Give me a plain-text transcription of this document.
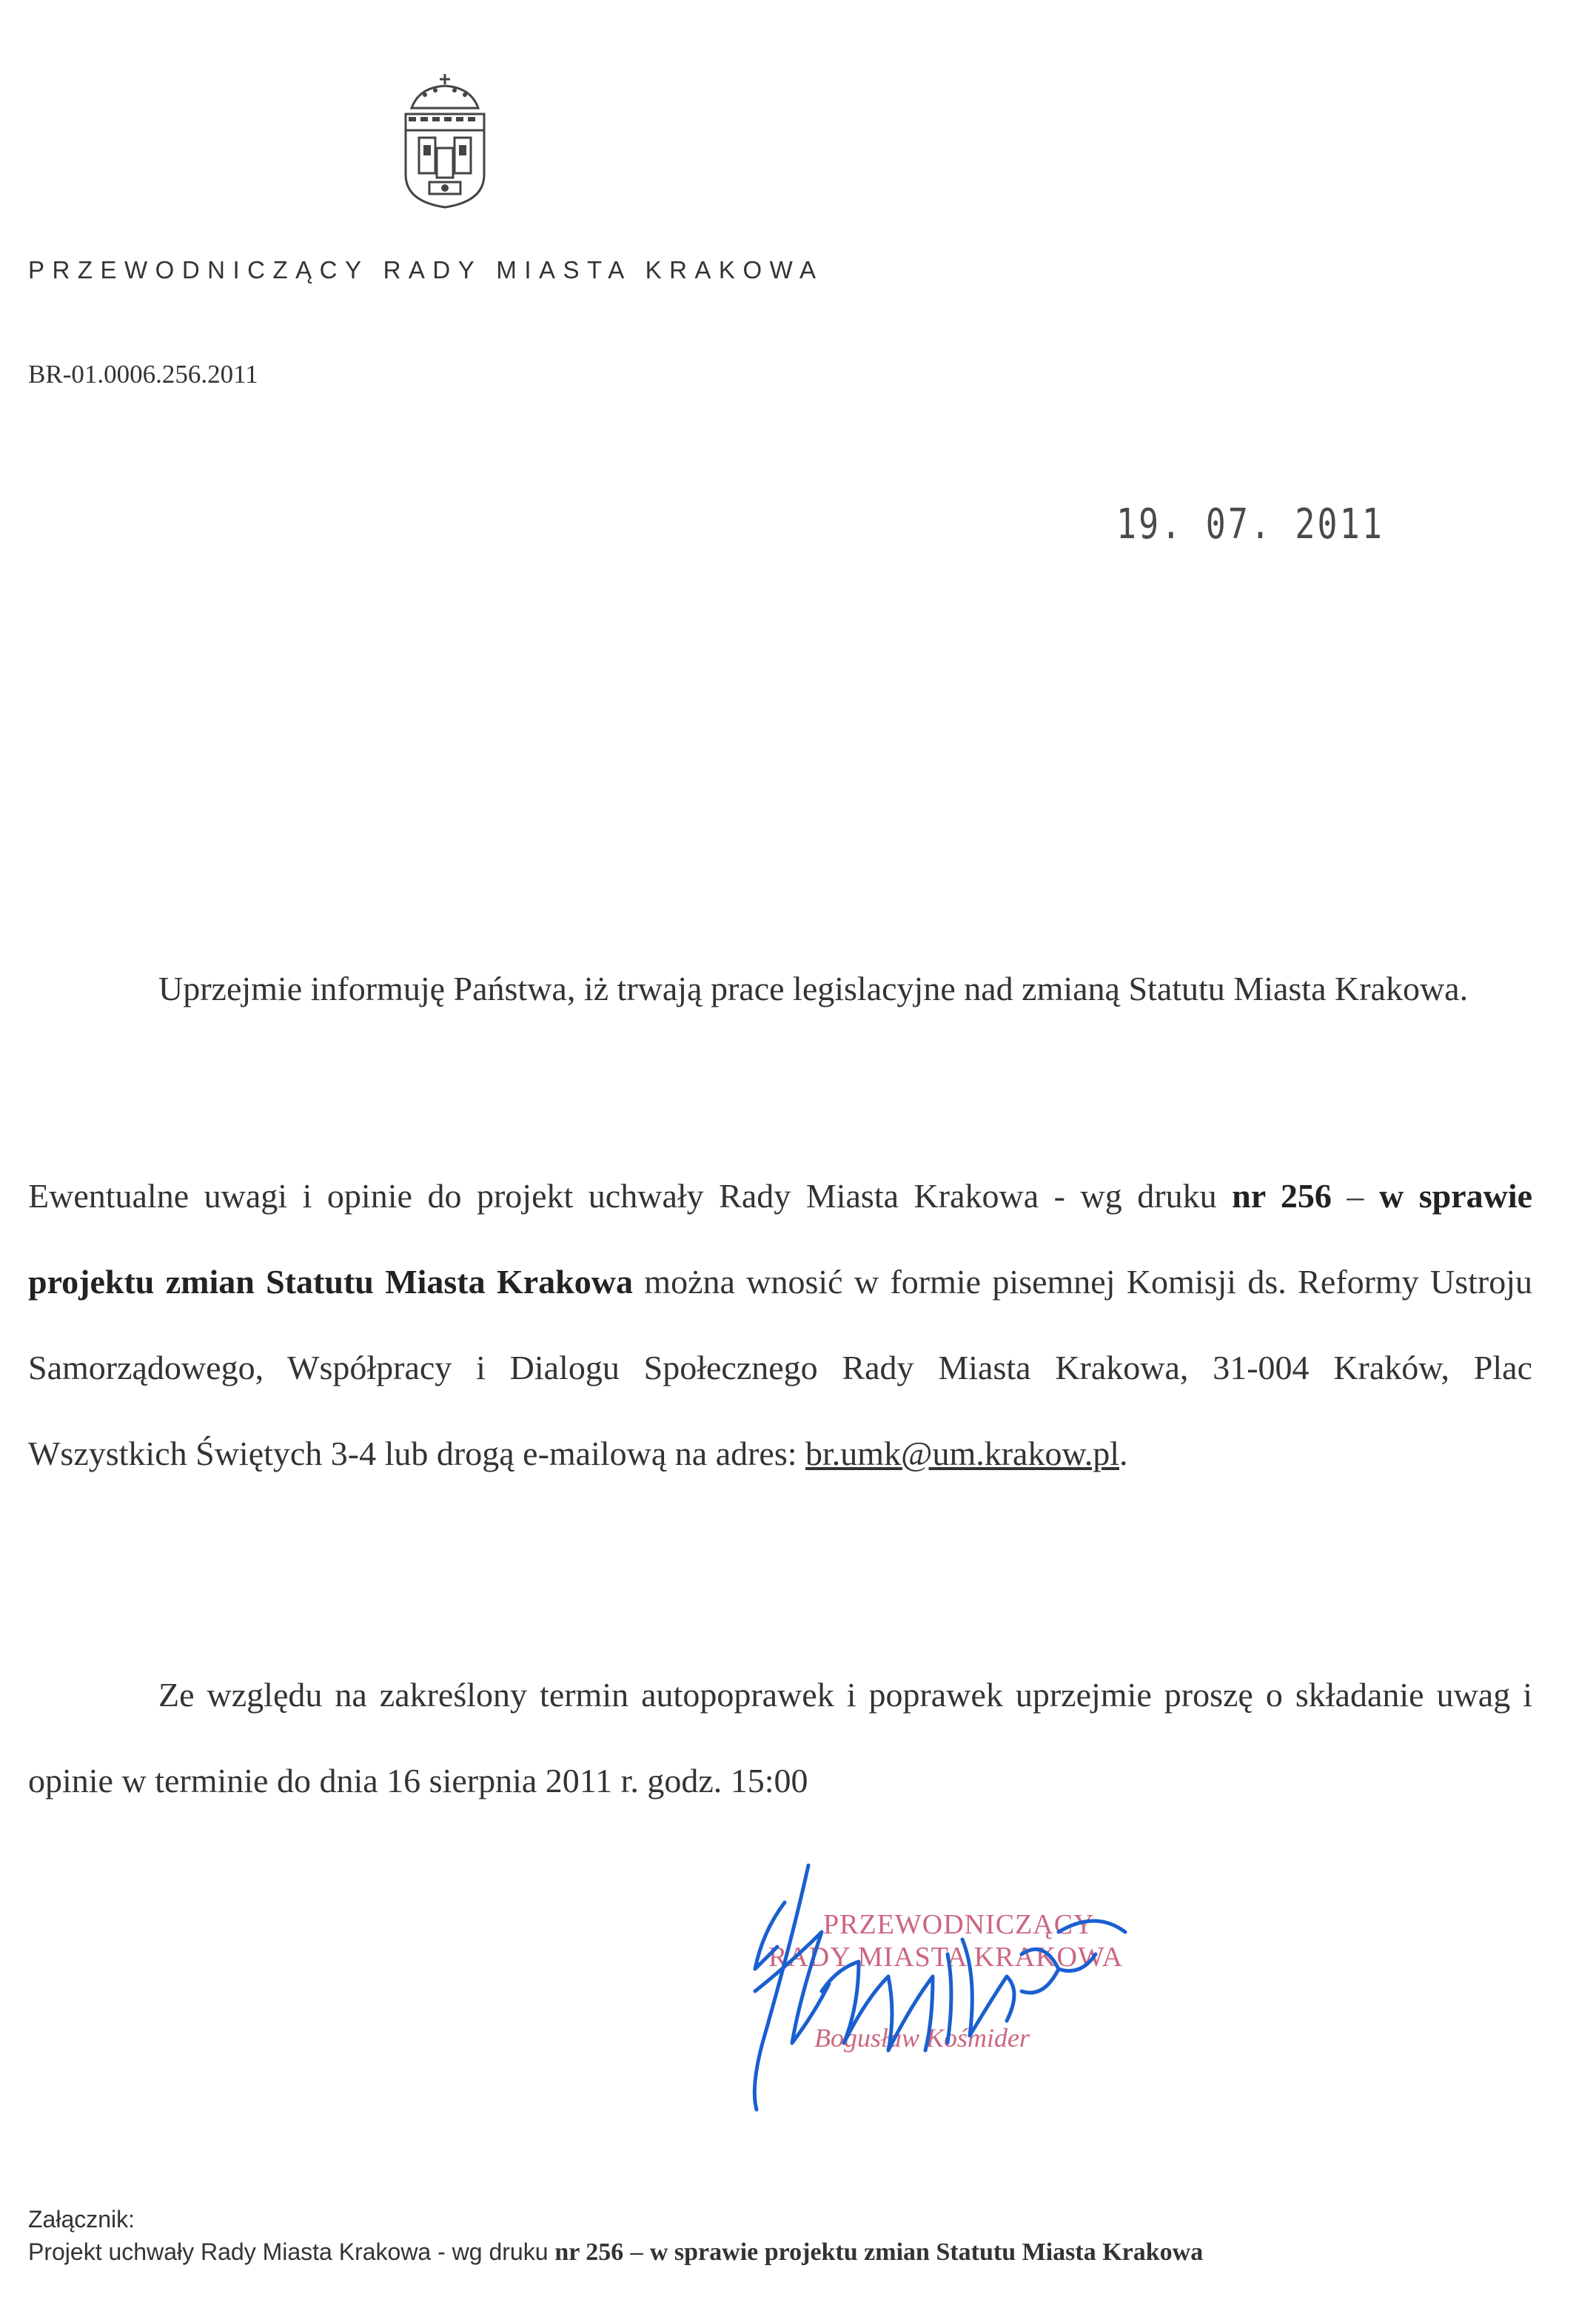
PRZEWODNICZĄCY RADY MIASTA KRAKOWA
BR-01.0006.256.2011
19. 07. 2011

Uprzejmie informuję Państwa, iż trwają prace legislacyjne nad zmianą Statutu Miasta Krakowa.

Ewentualne uwagi i opinie do projekt uchwały Rady Miasta Krakowa - wg druku nr 256 – w sprawie projektu zmian Statutu Miasta Krakowa można wnosić w formie pisemnej Komisji ds. Reformy Ustroju Samorządowego, Współpracy i Dialogu Społecznego Rady Miasta Krakowa, 31-004 Kraków, Plac Wszystkich Świętych 3-4 lub drogą e-mailową na adres: br.umk@um.krakow.pl.

Ze względu na zakreślony termin autopoprawek i poprawek uprzejmie proszę o składanie uwag i opinie w terminie do dnia 16 sierpnia 2011 r. godz. 15:00

PRZEWODNICZĄCY
RADY MIASTA KRAKOWA
Bogusław Kośmider
Załącznik:
Projekt uchwały Rady Miasta Krakowa - wg druku nr 256 – w sprawie projektu zmian Statutu Miasta Krakowa
